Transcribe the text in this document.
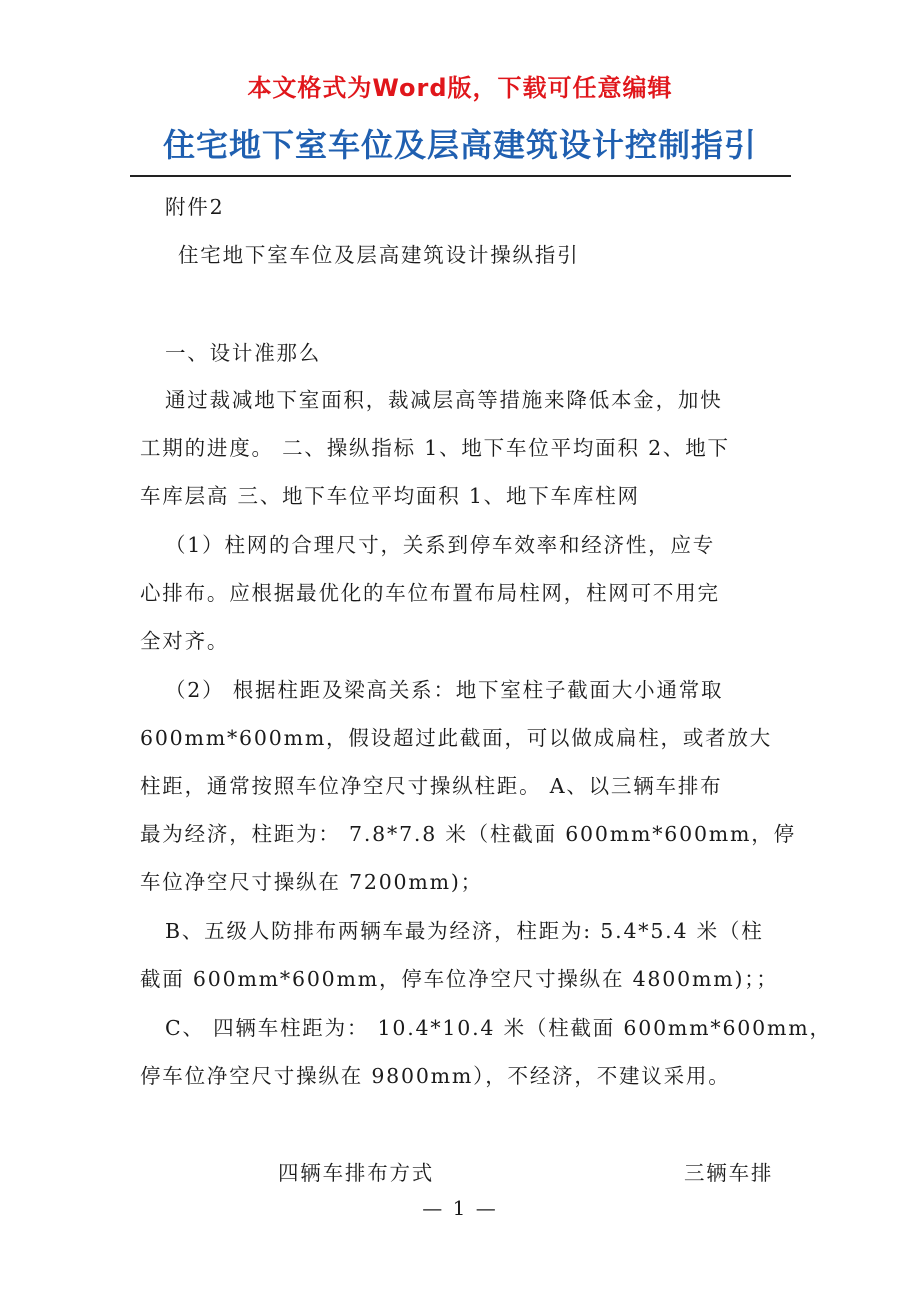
本文格式为Word版，下载可任意编辑
住宅地下室车位及层高建筑设计控制指引
附件2
住宅地下室车位及层高建筑设计操纵指引
一、设计准那么
通过裁减地下室面积，裁减层高等措施来降低本金，加快
工期的进度。 二、操纵指标 1、地下车位平均面积 2、地下
车库层高 三、地下车位平均面积 1、地下车库柱网
（1）柱网的合理尺寸，关系到停车效率和经济性，应专
心排布。应根据最优化的车位布置布局柱网，柱网可不用完
全对齐。
（2） 根据柱距及梁高关系：地下室柱子截面大小通常取
600mm*600mm，假设超过此截面，可以做成扁柱，或者放大
柱距，通常按照车位净空尺寸操纵柱距。 A、以三辆车排布
最为经济，柱距为： 7.8*7.8 米（柱截面 600mm*600mm，停
车位净空尺寸操纵在 7200mm)；
B、五级人防排布两辆车最为经济，柱距为: 5.4*5.4 米（柱
截面 600mm*600mm，停车位净空尺寸操纵在 4800mm)；；
C、 四辆车柱距为： 10.4*10.4 米（柱截面 600mm*600mm，
停车位净空尺寸操纵在 9800mm），不经济，不建议采用。
四辆车排布方式	三辆车排
— 1 —
